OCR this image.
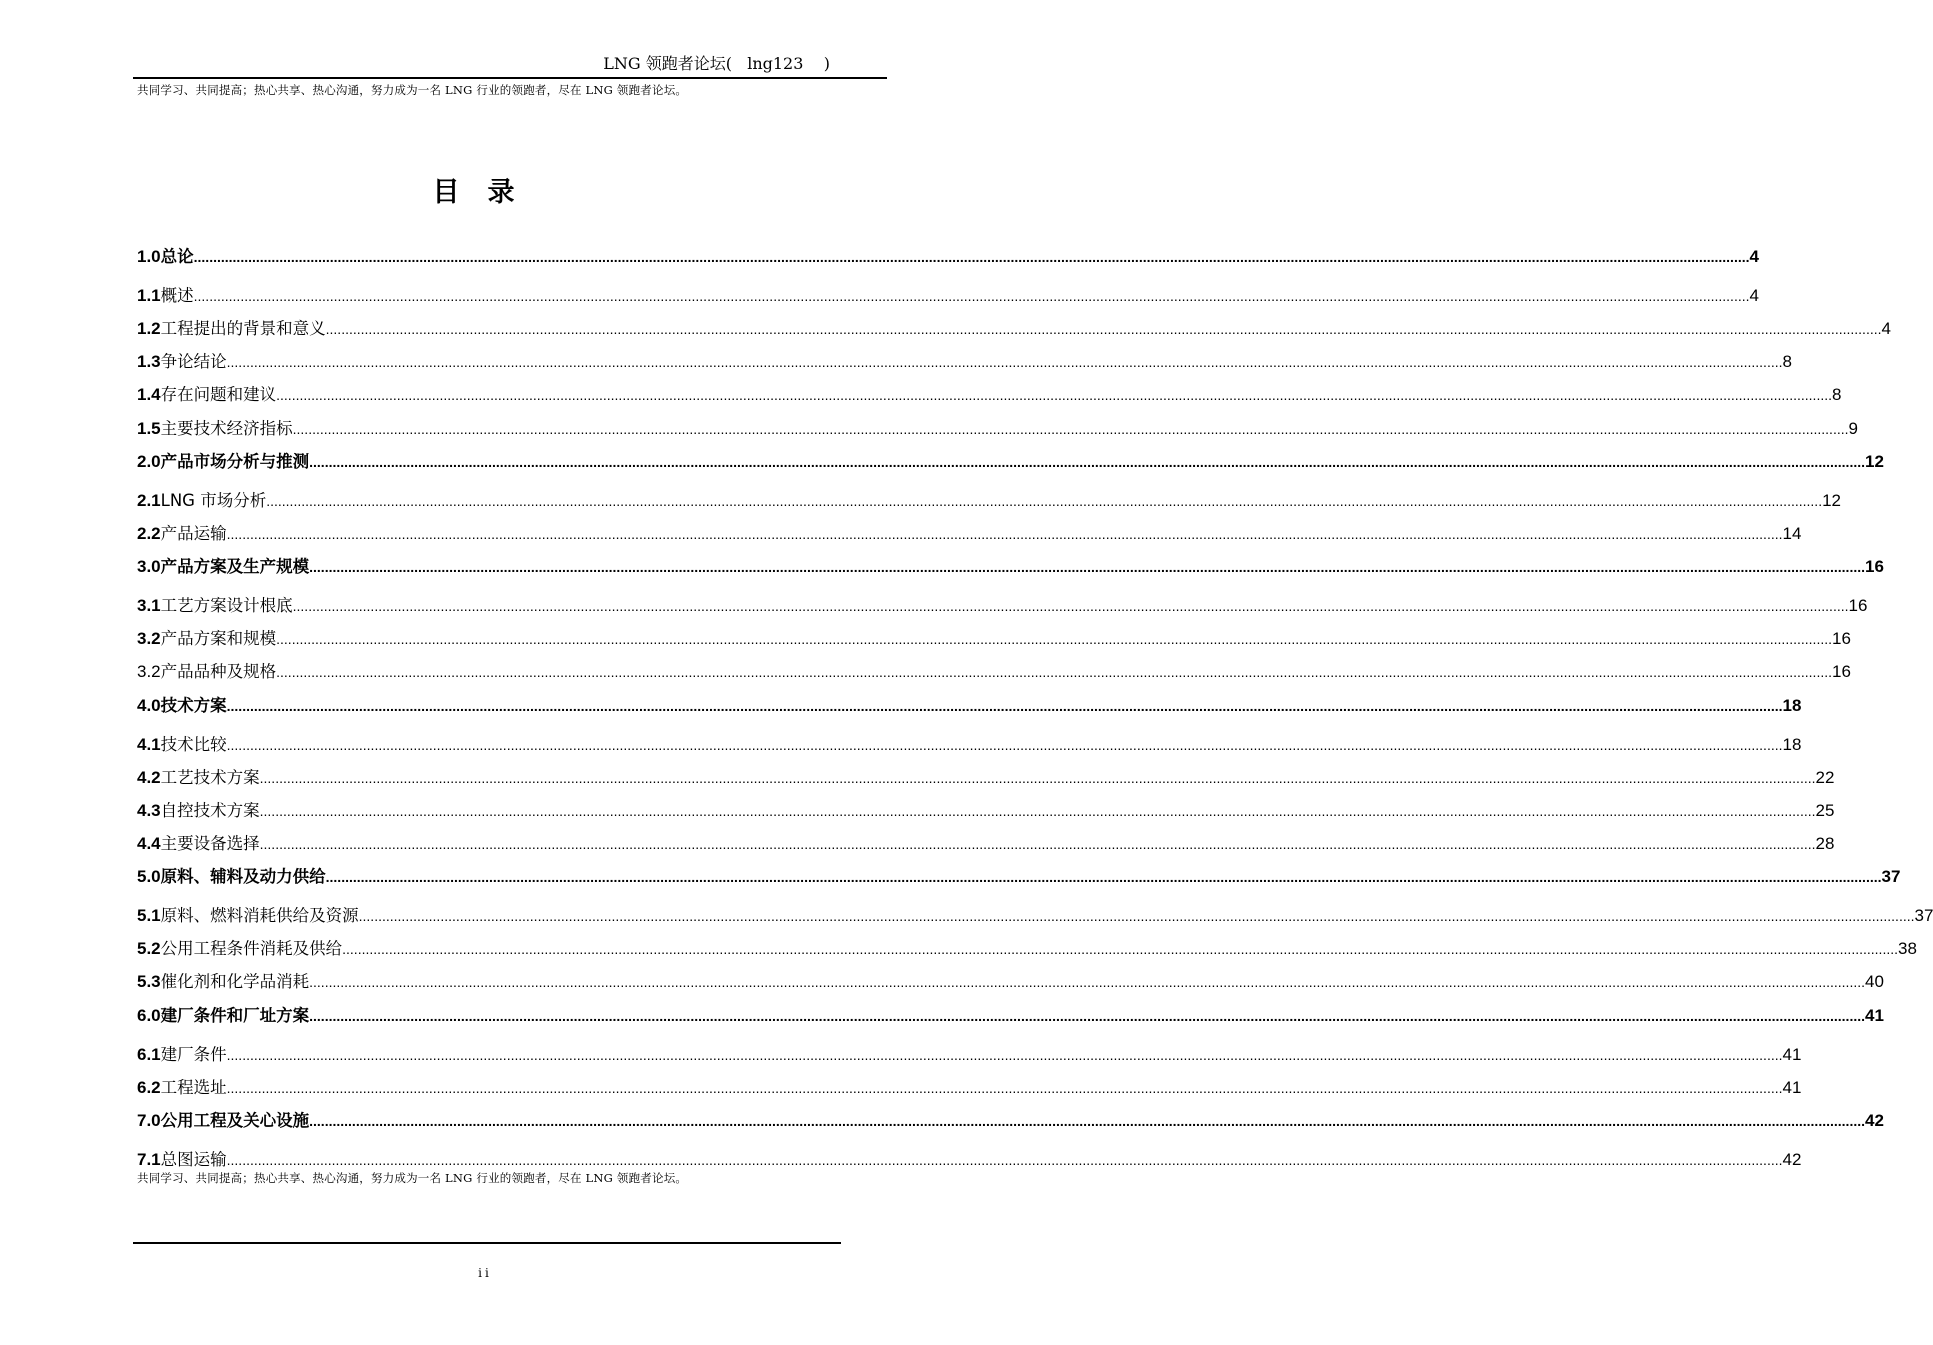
LNG 领跑者论坛(   lng123    )
共同学习、共同提高；热心共享、热心沟通，努力成为一名 LNG 行业的领跑者，尽在 LNG 领跑者论坛。
目录
1.0 总论 ................................................................................................................................................................................................................................................................................................................................................................................................................ 4
1.1 概述 ................................................................................................................................................................................................................................................................................................................................................................................................................ 4
1.2 工程提出的背景和意义 ................................................................................................................................................................................................................................................................................................................................................................................................................ 4
1.3 争论结论 ................................................................................................................................................................................................................................................................................................................................................................................................................ 8
1.4 存在问题和建议 ................................................................................................................................................................................................................................................................................................................................................................................................................ 8
1.5 主要技术经济指标 ................................................................................................................................................................................................................................................................................................................................................................................................................ 9
2.0 产品市场分析与推测 ................................................................................................................................................................................................................................................................................................................................................................................................................ 12
2.1 LNG 市场分析 ................................................................................................................................................................................................................................................................................................................................................................................................................ 12
2.2 产品运输 ................................................................................................................................................................................................................................................................................................................................................................................................................ 14
3.0 产品方案及生产规模 ................................................................................................................................................................................................................................................................................................................................................................................................................ 16
3.1 工艺方案设计根底 ................................................................................................................................................................................................................................................................................................................................................................................................................ 16
3.2 产品方案和规模 ................................................................................................................................................................................................................................................................................................................................................................................................................ 16
3.2 产品品种及规格 ................................................................................................................................................................................................................................................................................................................................................................................................................ 16
4.0 技术方案 ................................................................................................................................................................................................................................................................................................................................................................................................................ 18
4.1 技术比较 ................................................................................................................................................................................................................................................................................................................................................................................................................ 18
4.2 工艺技术方案 ................................................................................................................................................................................................................................................................................................................................................................................................................ 22
4.3 自控技术方案 ................................................................................................................................................................................................................................................................................................................................................................................................................ 25
4.4 主要设备选择 ................................................................................................................................................................................................................................................................................................................................................................................................................ 28
5.0 原料、辅料及动力供给 ................................................................................................................................................................................................................................................................................................................................................................................................................ 37
5.1 原料、燃料消耗供给及资源 ................................................................................................................................................................................................................................................................................................................................................................................................................ 37
5.2 公用工程条件消耗及供给 ................................................................................................................................................................................................................................................................................................................................................................................................................ 38
5.3 催化剂和化学品消耗 ................................................................................................................................................................................................................................................................................................................................................................................................................ 40
6.0 建厂条件和厂址方案 ................................................................................................................................................................................................................................................................................................................................................................................................................ 41
6.1 建厂条件 ................................................................................................................................................................................................................................................................................................................................................................................................................ 41
6.2 工程选址 ................................................................................................................................................................................................................................................................................................................................................................................................................ 41
7.0 公用工程及关心设施 ................................................................................................................................................................................................................................................................................................................................................................................................................ 42
7.1 总图运输 ................................................................................................................................................................................................................................................................................................................................................................................................................ 42
共同学习、共同提高；热心共享、热心沟通，努力成为一名 LNG 行业的领跑者，尽在 LNG 领跑者论坛。
ii
